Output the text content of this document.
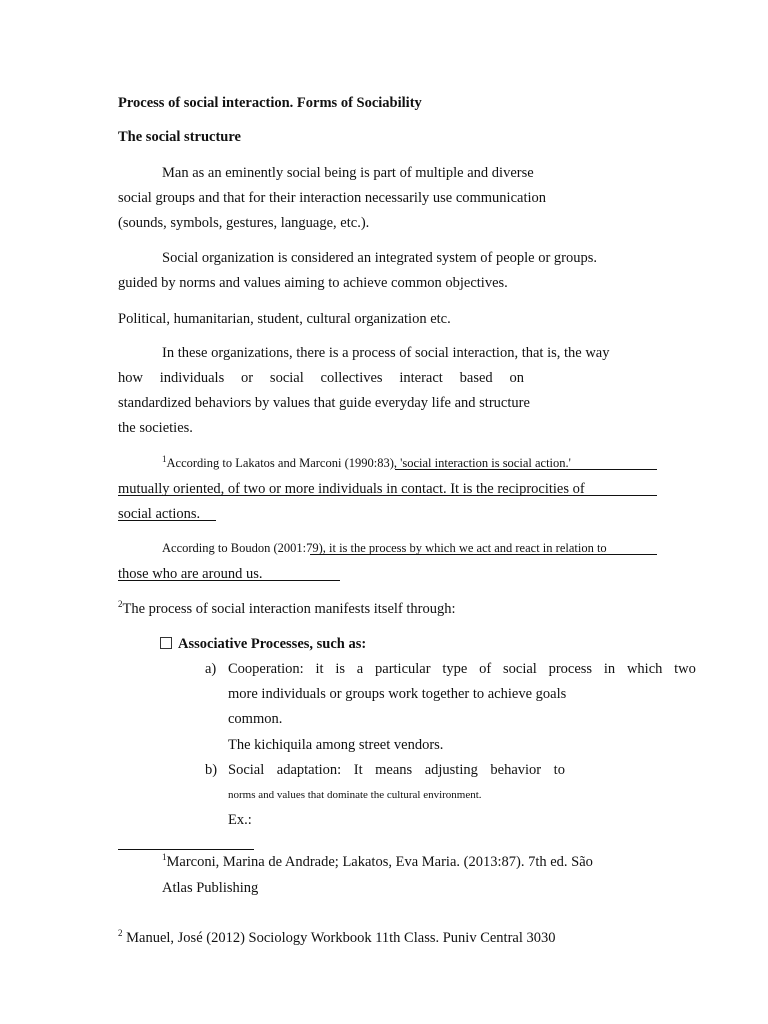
Process of social interaction. Forms of Sociability
The social structure
Man as an eminently social being is part of multiple and diverse
social groups and that for their interaction necessarily use communication
(sounds, symbols, gestures, language, etc.).
Social organization is considered an integrated system of people or groups.
guided by norms and values aiming to achieve common objectives.
Political, humanitarian, student, cultural organization etc.
In these organizations, there is a process of social interaction, that is, the way
how individuals or social collectives interact based on
standardized behaviors by values that guide everyday life and structure
the societies.
$^1$According to Lakatos and Marconi (1990:83), 'social interaction is social action.'
mutually oriented, of two or more individuals in contact. It is the reciprocities of
social actions.
According to Boudon (2001:79), it is the process by which we act and react in relation to
those who are around us.
$^2$The process of social interaction manifests itself through:
Associative Processes, such as:
a) Cooperation: it is a particular type of social process in which two
more individuals or groups work together to achieve goals
common.
The kichiquila among street vendors.
b) Social adaptation: It means adjusting behavior to
norms and values that dominate the cultural environment.
Ex.:
$^1$Marconi, Marina de Andrade; Lakatos, Eva Maria. (2013:87). 7th ed. São
Atlas Publishing
$^2$ Manuel, José (2012) Sociology Workbook 11th Class. Puniv Central 3030
